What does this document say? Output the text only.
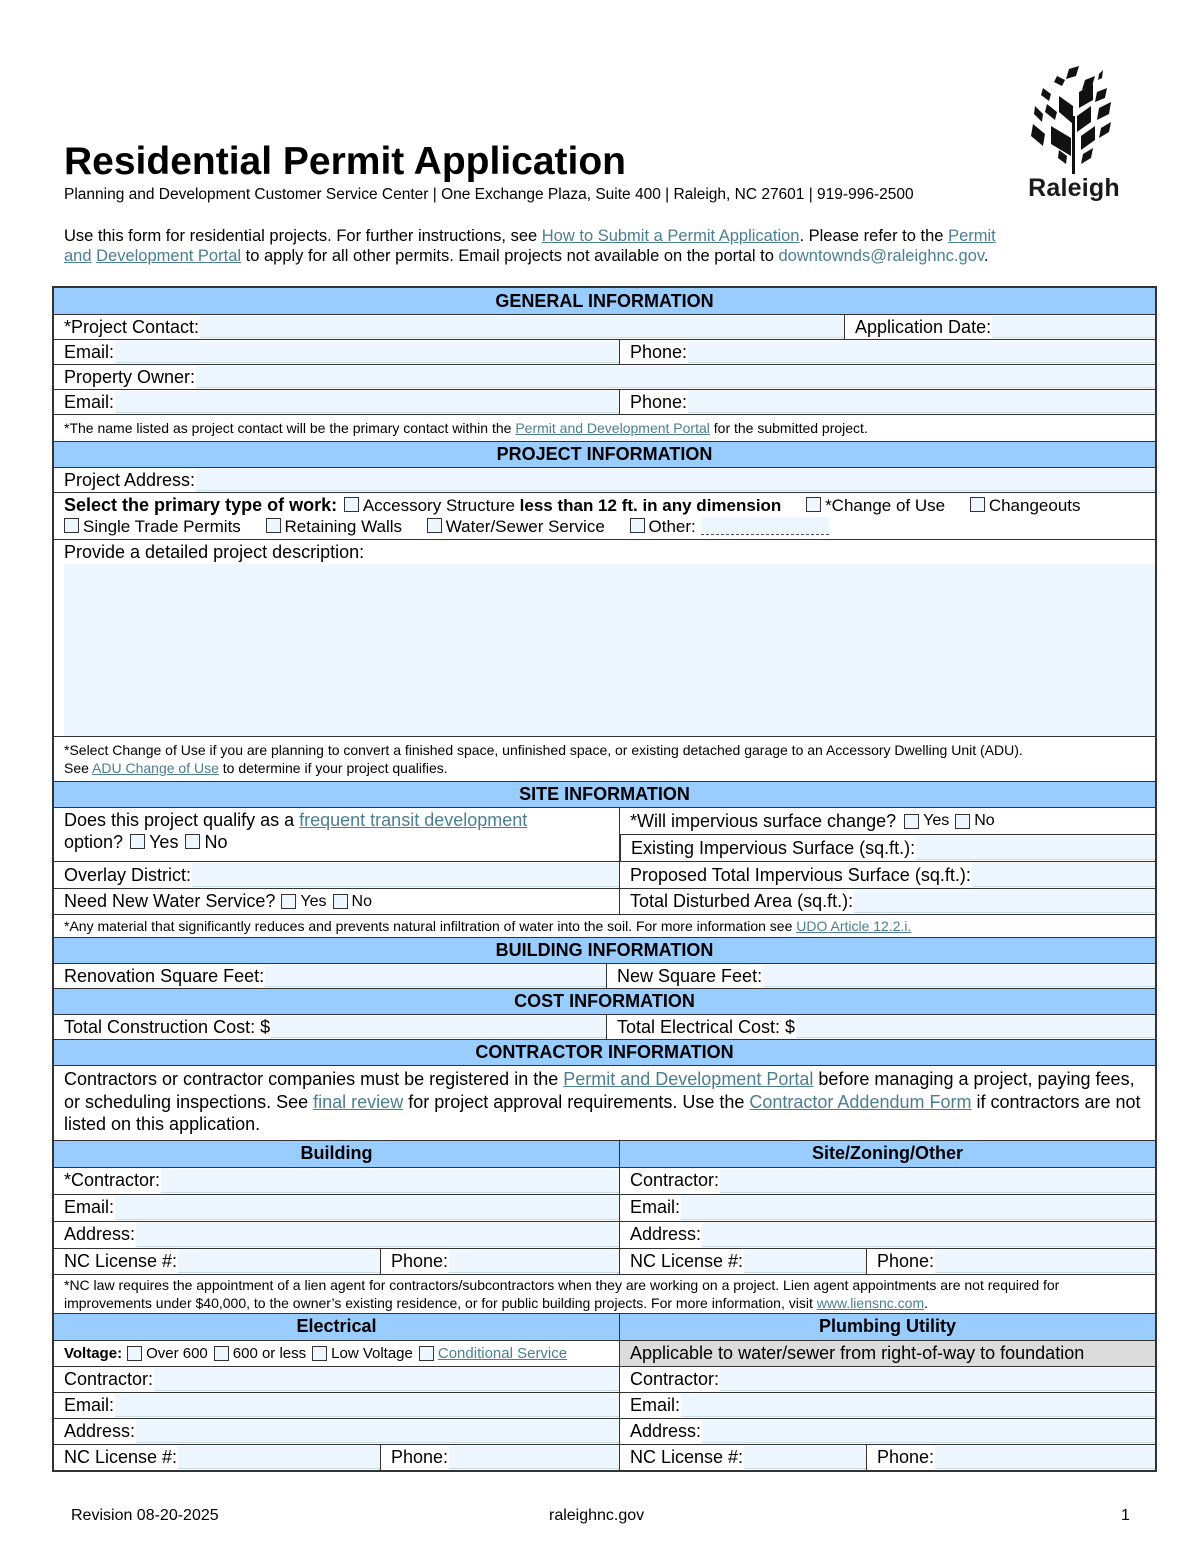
Raleigh
Residential Permit Application
Planning and Development Customer Service Center | One Exchange Plaza, Suite 400 | Raleigh, NC 27601 | 919-996-2500
Use this form for residential projects. For further instructions, see How to Submit a Permit Application. Please refer to the Permit
and Development Portal to apply for all other permits. Email projects not available on the portal to downtownds@raleighnc.gov.
GENERAL INFORMATION
*Project Contact:	Application Date:
Email:	Phone:
Property Owner:
Email:	Phone:
*The name listed as project contact will be the primary contact within the Permit and Development Portal for the submitted project.
PROJECT INFORMATION
Project Address:
Select the primary type of work: Accessory Structure less than 12 ft. in any dimension	*Change of Use	Changeouts
Single Trade Permits	Retaining Walls	Water/Sewer Service	Other:
Provide a detailed project description:
*Select Change of Use if you are planning to convert a finished space, unfinished space, or existing detached garage to an Accessory Dwelling Unit (ADU).
See ADU Change of Use to determine if your project qualifies.
SITE INFORMATION
Does this project qualify as a frequent transit development
option? Yes No
*Will impervious surface change? Yes No
Existing Impervious Surface (sq.ft.):
Overlay District:	Proposed Total Impervious Surface (sq.ft.):
Need New Water Service? Yes No	Total Disturbed Area (sq.ft.):
*Any material that significantly reduces and prevents natural infiltration of water into the soil. For more information see UDO Article 12.2.i.
BUILDING INFORMATION
Renovation Square Feet:	New Square Feet:
COST INFORMATION
Total Construction Cost: $	Total Electrical Cost: $
CONTRACTOR INFORMATION
Contractors or contractor companies must be registered in the Permit and Development Portal before managing a project, paying fees, or scheduling inspections. See final review for project approval requirements. Use the Contractor Addendum Form if contractors are not listed on this application.
Building	Site/Zoning/Other
*Contractor:	Contractor:
Email:	Email:
Address:	Address:
NC License #:	Phone:	NC License #:	Phone:
*NC law requires the appointment of a lien agent for contractors/subcontractors when they are working on a project. Lien agent appointments are not required for improvements under $40,000, to the owner’s existing residence, or for public building projects. For more information, visit www.liensnc.com.
Electrical	Plumbing Utility
Voltage: Over 600 600 or less Low Voltage Conditional Service	Applicable to water/sewer from right-of-way to foundation
Contractor:	Contractor:
Email:	Email:
Address:	Address:
NC License #:	Phone:	NC License #:	Phone:
Revision 08-20-2025	raleighnc.gov	1
